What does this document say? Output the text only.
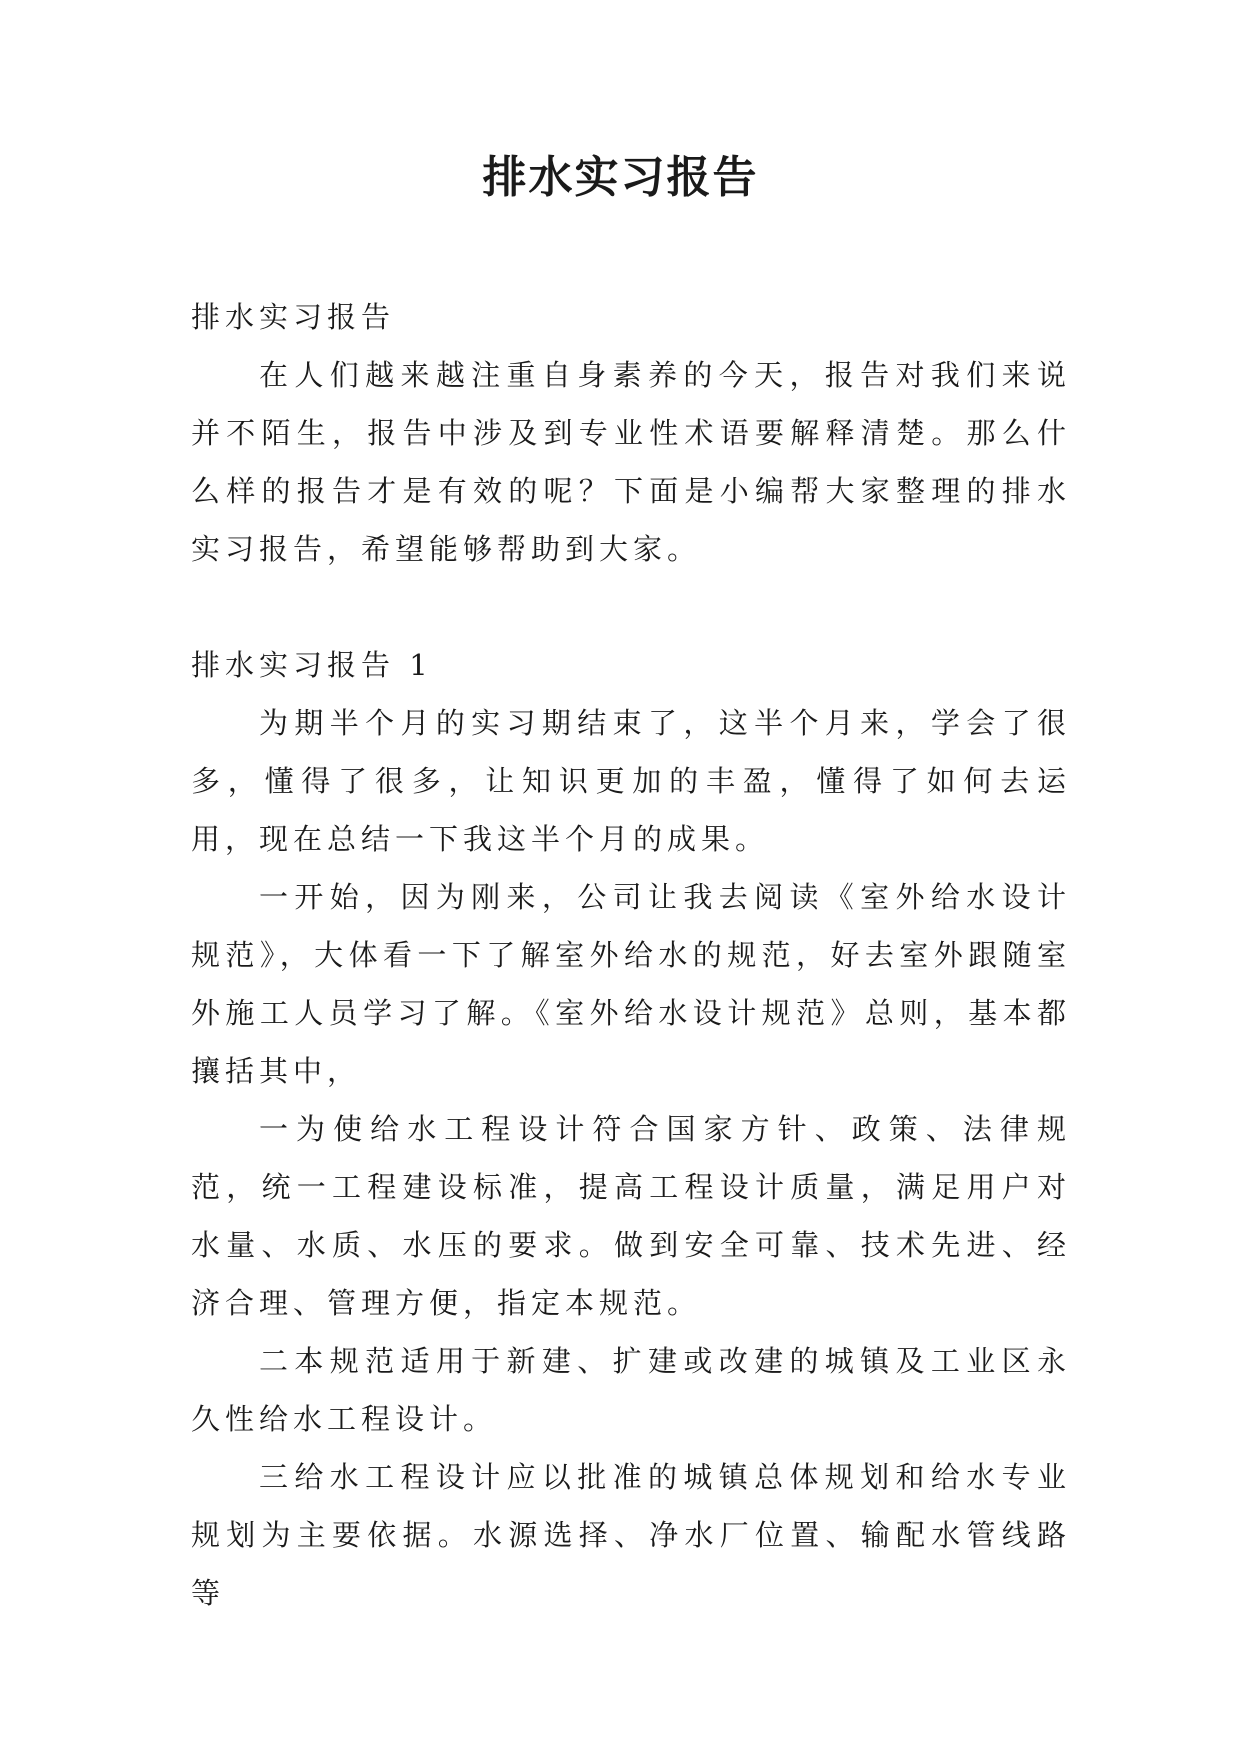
排水实习报告

排水实习报告

在人们越来越注重自身素养的今天，报告对我们来说并不陌生，报告中涉及到专业性术语要解释清楚。那么什么样的报告才是有效的呢？下面是小编帮大家整理的排水实习报告，希望能够帮助到大家。

排水实习报告 1

为期半个月的实习期结束了，这半个月来，学会了很多，懂得了很多，让知识更加的丰盈，懂得了如何去运用，现在总结一下我这半个月的成果。

一开始，因为刚来，公司让我去阅读《室外给水设计规范》，大体看一下了解室外给水的规范，好去室外跟随室外施工人员学习了解。《室外给水设计规范》总则，基本都攘括其中，

一为使给水工程设计符合国家方针、政策、法律规范，统一工程建设标准，提高工程设计质量，满足用户对水量、水质、水压的要求。做到安全可靠、技术先进、经济合理、管理方便，指定本规范。

二本规范适用于新建、扩建或改建的城镇及工业区永久性给水工程设计。

三给水工程设计应以批准的城镇总体规划和给水专业规划为主要依据。水源选择、净水厂位置、输配水管线路等
